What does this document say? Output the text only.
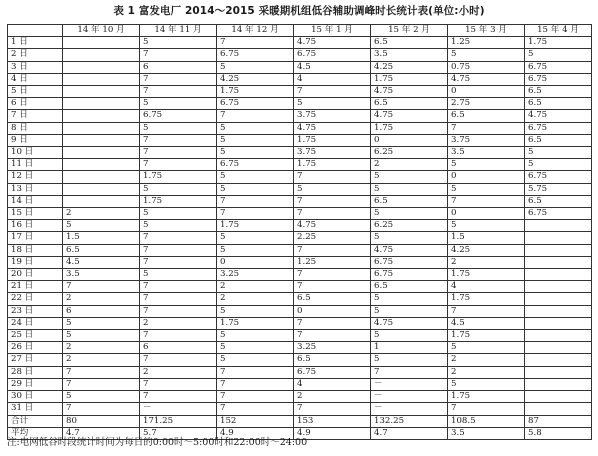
表 1 富发电厂 2014～2015 采暖期机组低谷辅助调峰时长统计表(单位:小时)
	14 年 10 月	14 年 11 月	14 年 12 月	15 年 1 月	15 年 2 月	15 年 3 月	15 年 4 月
1 日		5	7	4.75	6.5	1.25	1.75
2 日		7	6.75	6.75	3.5	5	5
3 日		6	5	4.5	4.25	0.75	6.75
4 日		7	4.25	4	1.75	4.75	6.75
5 日		7	1.75	7	4.75	0	6.5
6 日		5	6.75	5	6.5	2.75	6.5
7 日		6.75	7	3.75	4.75	6.5	4.75
8 日		5	5	4.75	1.75	7	6.75
9 日		7	5	1.75	0	3.75	6.5
10 日		7	5	3.75	6.25	3.5	5
11 日		7	6.75	1.75	2	5	5
12 日		1.75	5	7	5	0	6.75
13 日		5	5	5	5	5	5.75
14 日		1.75	7	7	6.5	7	6.5
15 日	2	5	7	7	5	0	6.75
16 日	5	5	1.75	4.75	6.25	5	
17 日	1.5	7	5	2.25	5	1.5	
18 日	6.5	7	5	7	4.75	4.25	
19 日	4.5	7	0	1.25	6.75	2	
20 日	3.5	5	3.25	7	6.75	1.75	
21 日	7	7	2	7	6.5	4	
22 日	2	7	2	6.5	5	1.75	
23 日	6	7	5	0	5	7	
24 日	5	2	1.75	7	4.75	4.5	
25 日	5	7	5	7	5	1.75	
26 日	2	6	5	3.25	1	5	
27 日	2	7	5	6.5	5	2	
28 日	7	2	7	6.75	7	2	
29 日	7	7	7	4	－	5	
30 日	5	7	7	2	－	1.75	
31 日	7	－	7	7	－	7	
合计	80	171.25	152	153	132.25	108.5	87
平均	4.7	5.7	4.9	4.9	4.7	3.5	5.8
注:电网低谷时段统计时间为每日的0:00时～5:00时和22:00时～24:00
